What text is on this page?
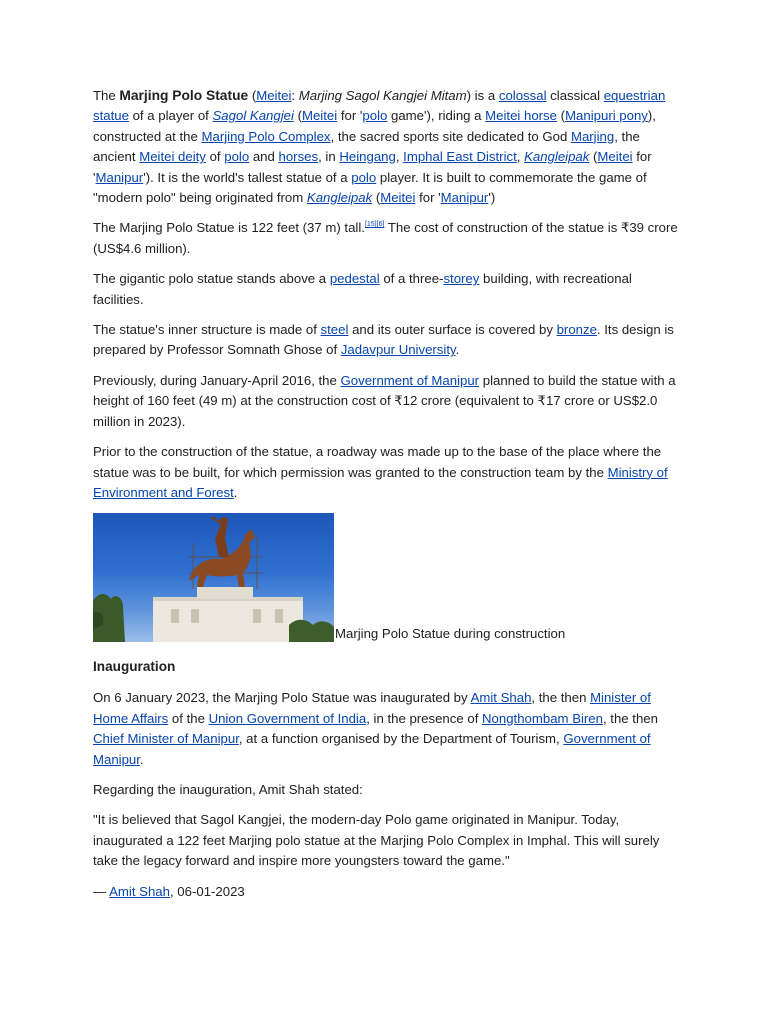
The Marjing Polo Statue (Meitei: Marjing Sagol Kangjei Mitam) is a colossal classical equestrian statue of a player of Sagol Kangjei (Meitei for 'polo game'), riding a Meitei horse (Manipuri pony), constructed at the Marjing Polo Complex, the sacred sports site dedicated to God Marjing, the ancient Meitei deity of polo and horses, in Heingang, Imphal East District, Kangleipak (Meitei for 'Manipur'). It is the world's tallest statue of a polo player. It is built to commemorate the game of "modern polo" being originated from Kangleipak (Meitei for 'Manipur')

The Marjing Polo Statue is 122 feet (37 m) tall.[15][6] The cost of construction of the statue is ₹39 crore (US$4.6 million).

The gigantic polo statue stands above a pedestal of a three-storey building, with recreational facilities.

The statue's inner structure is made of steel and its outer surface is covered by bronze. Its design is prepared by Professor Somnath Ghose of Jadavpur University.

Previously, during January-April 2016, the Government of Manipur planned to build the statue with a height of 160 feet (49 m) at the construction cost of ₹12 crore (equivalent to ₹17 crore or US$2.0 million in 2023).

Prior to the construction of the statue, a roadway was made up to the base of the place where the statue was to be built, for which permission was granted to the construction team by the Ministry of Environment and Forest.

Marjing Polo Statue during construction
Inauguration

On 6 January 2023, the Marjing Polo Statue was inaugurated by Amit Shah, the then Minister of Home Affairs of the Union Government of India, in the presence of Nongthombam Biren, the then Chief Minister of Manipur, at a function organised by the Department of Tourism, Government of Manipur.

Regarding the inauguration, Amit Shah stated:

"It is believed that Sagol Kangjei, the modern-day Polo game originated in Manipur. Today, inaugurated a 122 feet Marjing polo statue at the Marjing Polo Complex in Imphal. This will surely take the legacy forward and inspire more youngsters toward the game."

— Amit Shah, 06-01-2023
